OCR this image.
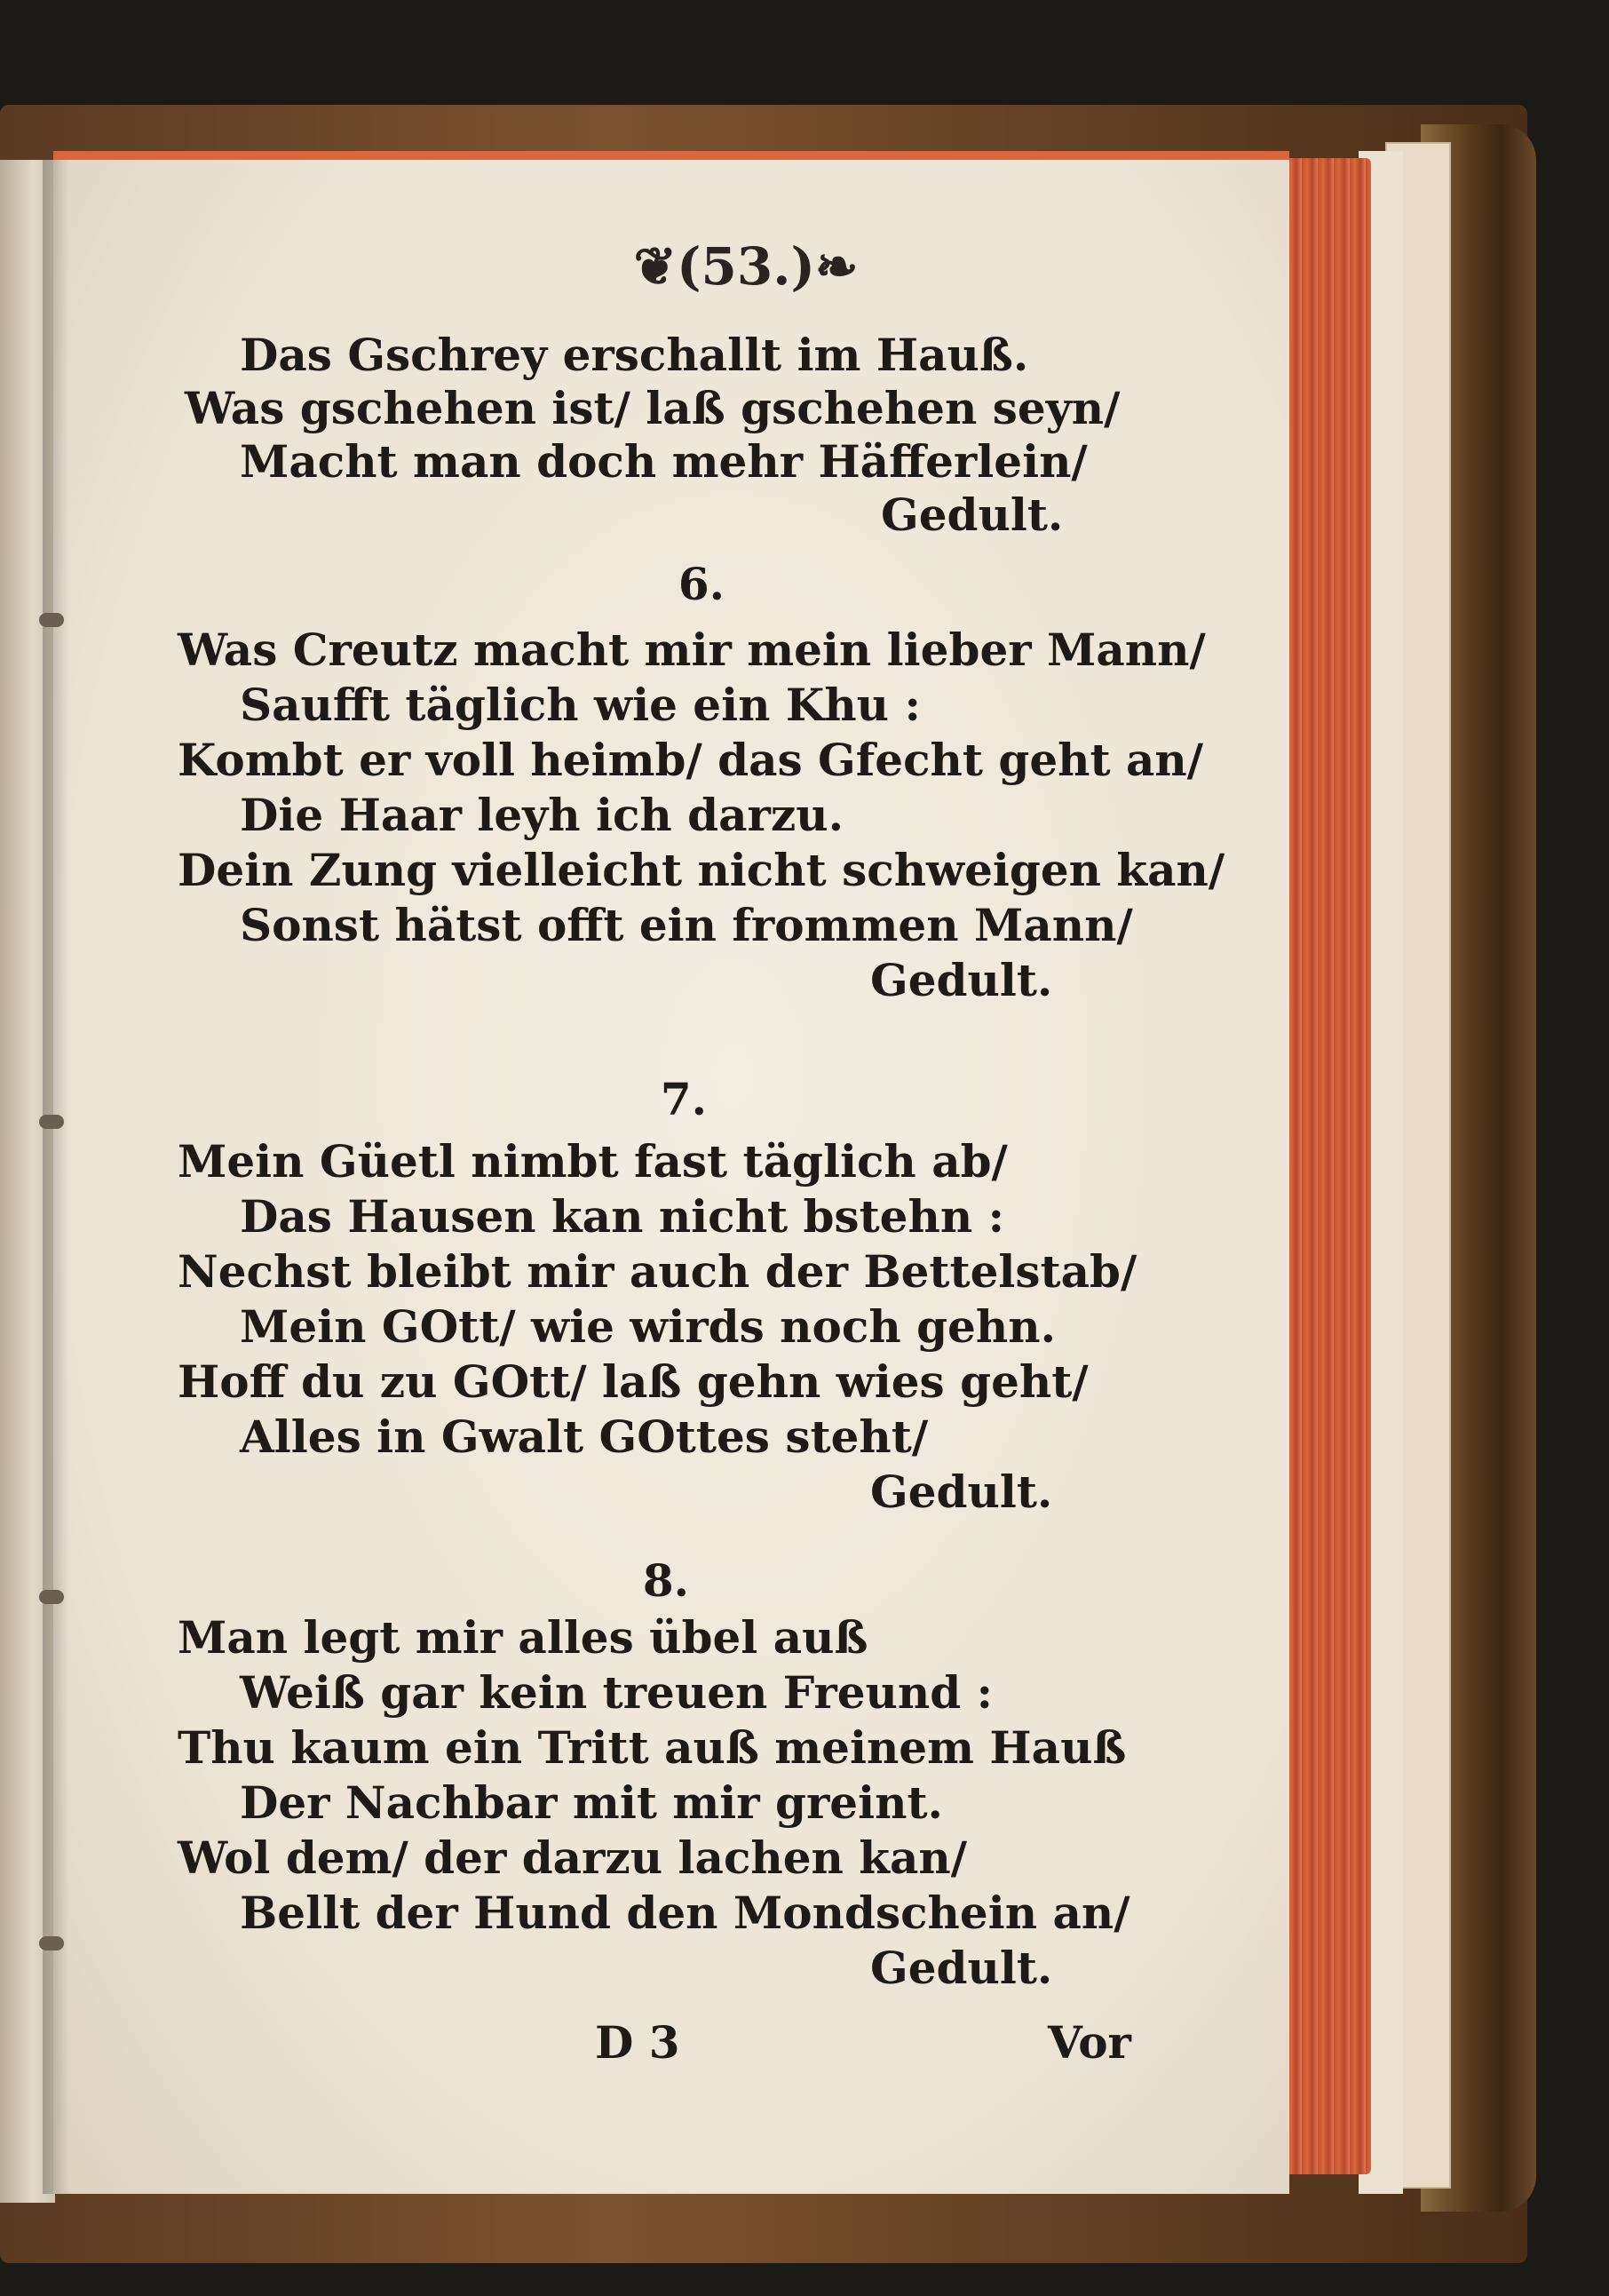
❦(53.)❧
Das Gschrey erschallt im Hauß.
Was gschehen ist/ laß gschehen seyn/
Macht man doch mehr Häfferlein/
Gedult.
6.
Was Creutz macht mir mein lieber Mann/
Saufft täglich wie ein Khu :
Kombt er voll heimb/ das Gfecht geht an/
Die Haar leyh ich darzu.
Dein Zung vielleicht nicht schweigen kan/
Sonst hätst offt ein frommen Mann/
Gedult.
7.
Mein Güetl nimbt fast täglich ab/
Das Hausen kan nicht bstehn :
Nechst bleibt mir auch der Bettelstab/
Mein GOtt/ wie wirds noch gehn.
Hoff du zu GOtt/ laß gehn wies geht/
Alles in Gwalt GOttes steht/
Gedult.
8.
Man legt mir alles übel auß
Weiß gar kein treuen Freund :
Thu kaum ein Tritt auß meinem Hauß
Der Nachbar mit mir greint.
Wol dem/ der darzu lachen kan/
Bellt der Hund den Mondschein an/
Gedult.
D 3	Vor
